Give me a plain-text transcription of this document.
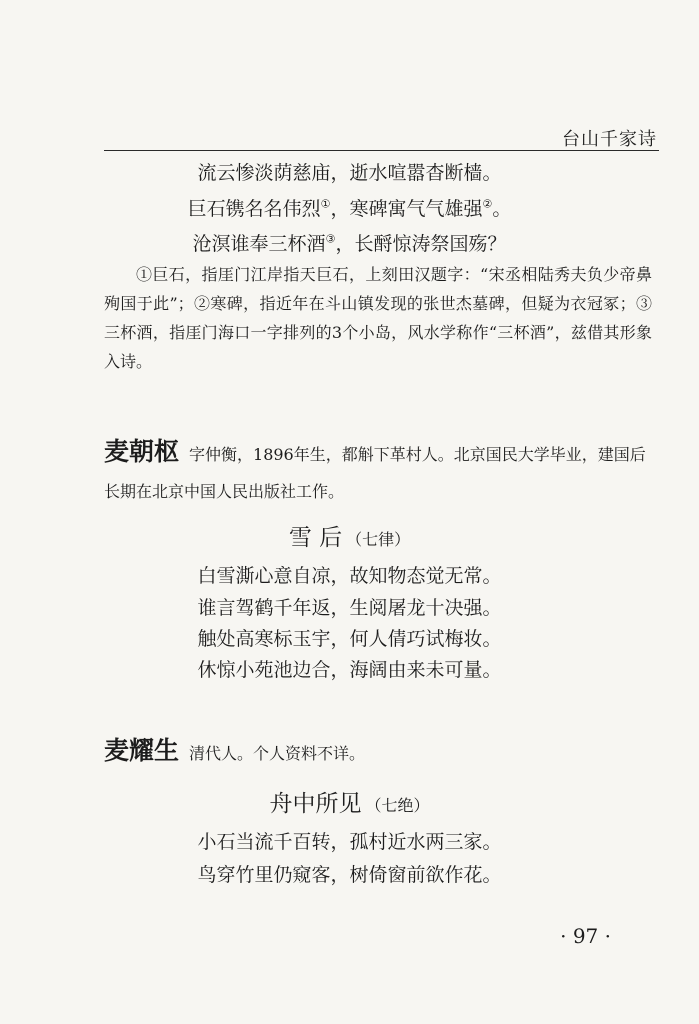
台山千家诗
流云惨淡荫慈庙，逝水喧嚣杳断樯。
巨石镌名名伟烈①，寒碑寓气气雄强②。
沧溟谁奉三杯酒③，长酹惊涛祭国殇？
①巨石，指厓门江岸指天巨石，上刻田汉题字：“宋丞相陆秀夫负少帝鼻殉国于此”；②寒碑，指近年在斗山镇发现的张世杰墓碑，但疑为衣冠冢；③三杯酒，指厓门海口一字排列的3个小岛，风水学称作“三杯酒”，兹借其形象入诗。
麦朝枢 字仲衡，1896年生，都斛下革村人。北京国民大学毕业，建国后长期在北京中国人民出版社工作。
雪 后 （七律）
白雪澌心意自凉，故知物态觉无常。
谁言驾鹤千年返，生阅屠龙十决强。
触处高寒标玉宇，何人倩巧试梅妆。
休惊小苑池边合，海阔由来未可量。
麦耀生 清代人。个人资料不详。
舟中所见 （七绝）
小石当流千百转，孤村近水两三家。
鸟穿竹里仍窥客，树倚窗前欲作花。
· 97 ·
